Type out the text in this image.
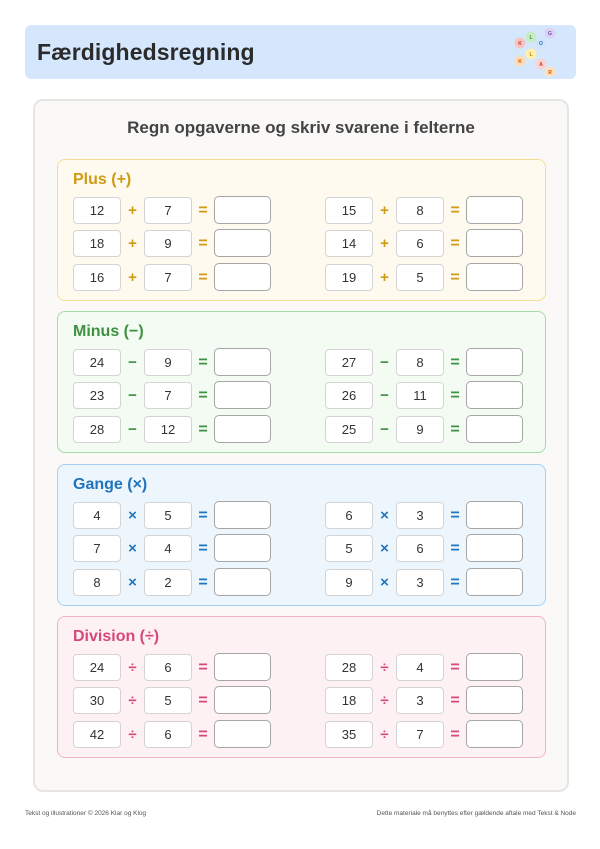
Færdighedsregning	K
L
O
G
K
L
A
R
Regn opgaverne og skriv svarene i felterne
Plus (+)
12	+	7	=	15	+	8	=
18	+	9	=	14	+	6	=
16	+	7	=	19	+	5	=
Minus (−)
24	−	9	=	27	−	8	=
23	−	7	=	26	−	11	=
28	−	12	=	25	−	9	=
Gange (×)
4	×	5	=	6	×	3	=
7	×	4	=	5	×	6	=
8	×	2	=	9	×	3	=
Division (÷)
24	÷	6	=	28	÷	4	=
30	÷	5	=	18	÷	3	=
42	÷	6	=	35	÷	7	=
Tekst og illustrationer © 2026 Klar og Klog	Dette materiale må benyttes efter gældende aftale med Tekst & Node
